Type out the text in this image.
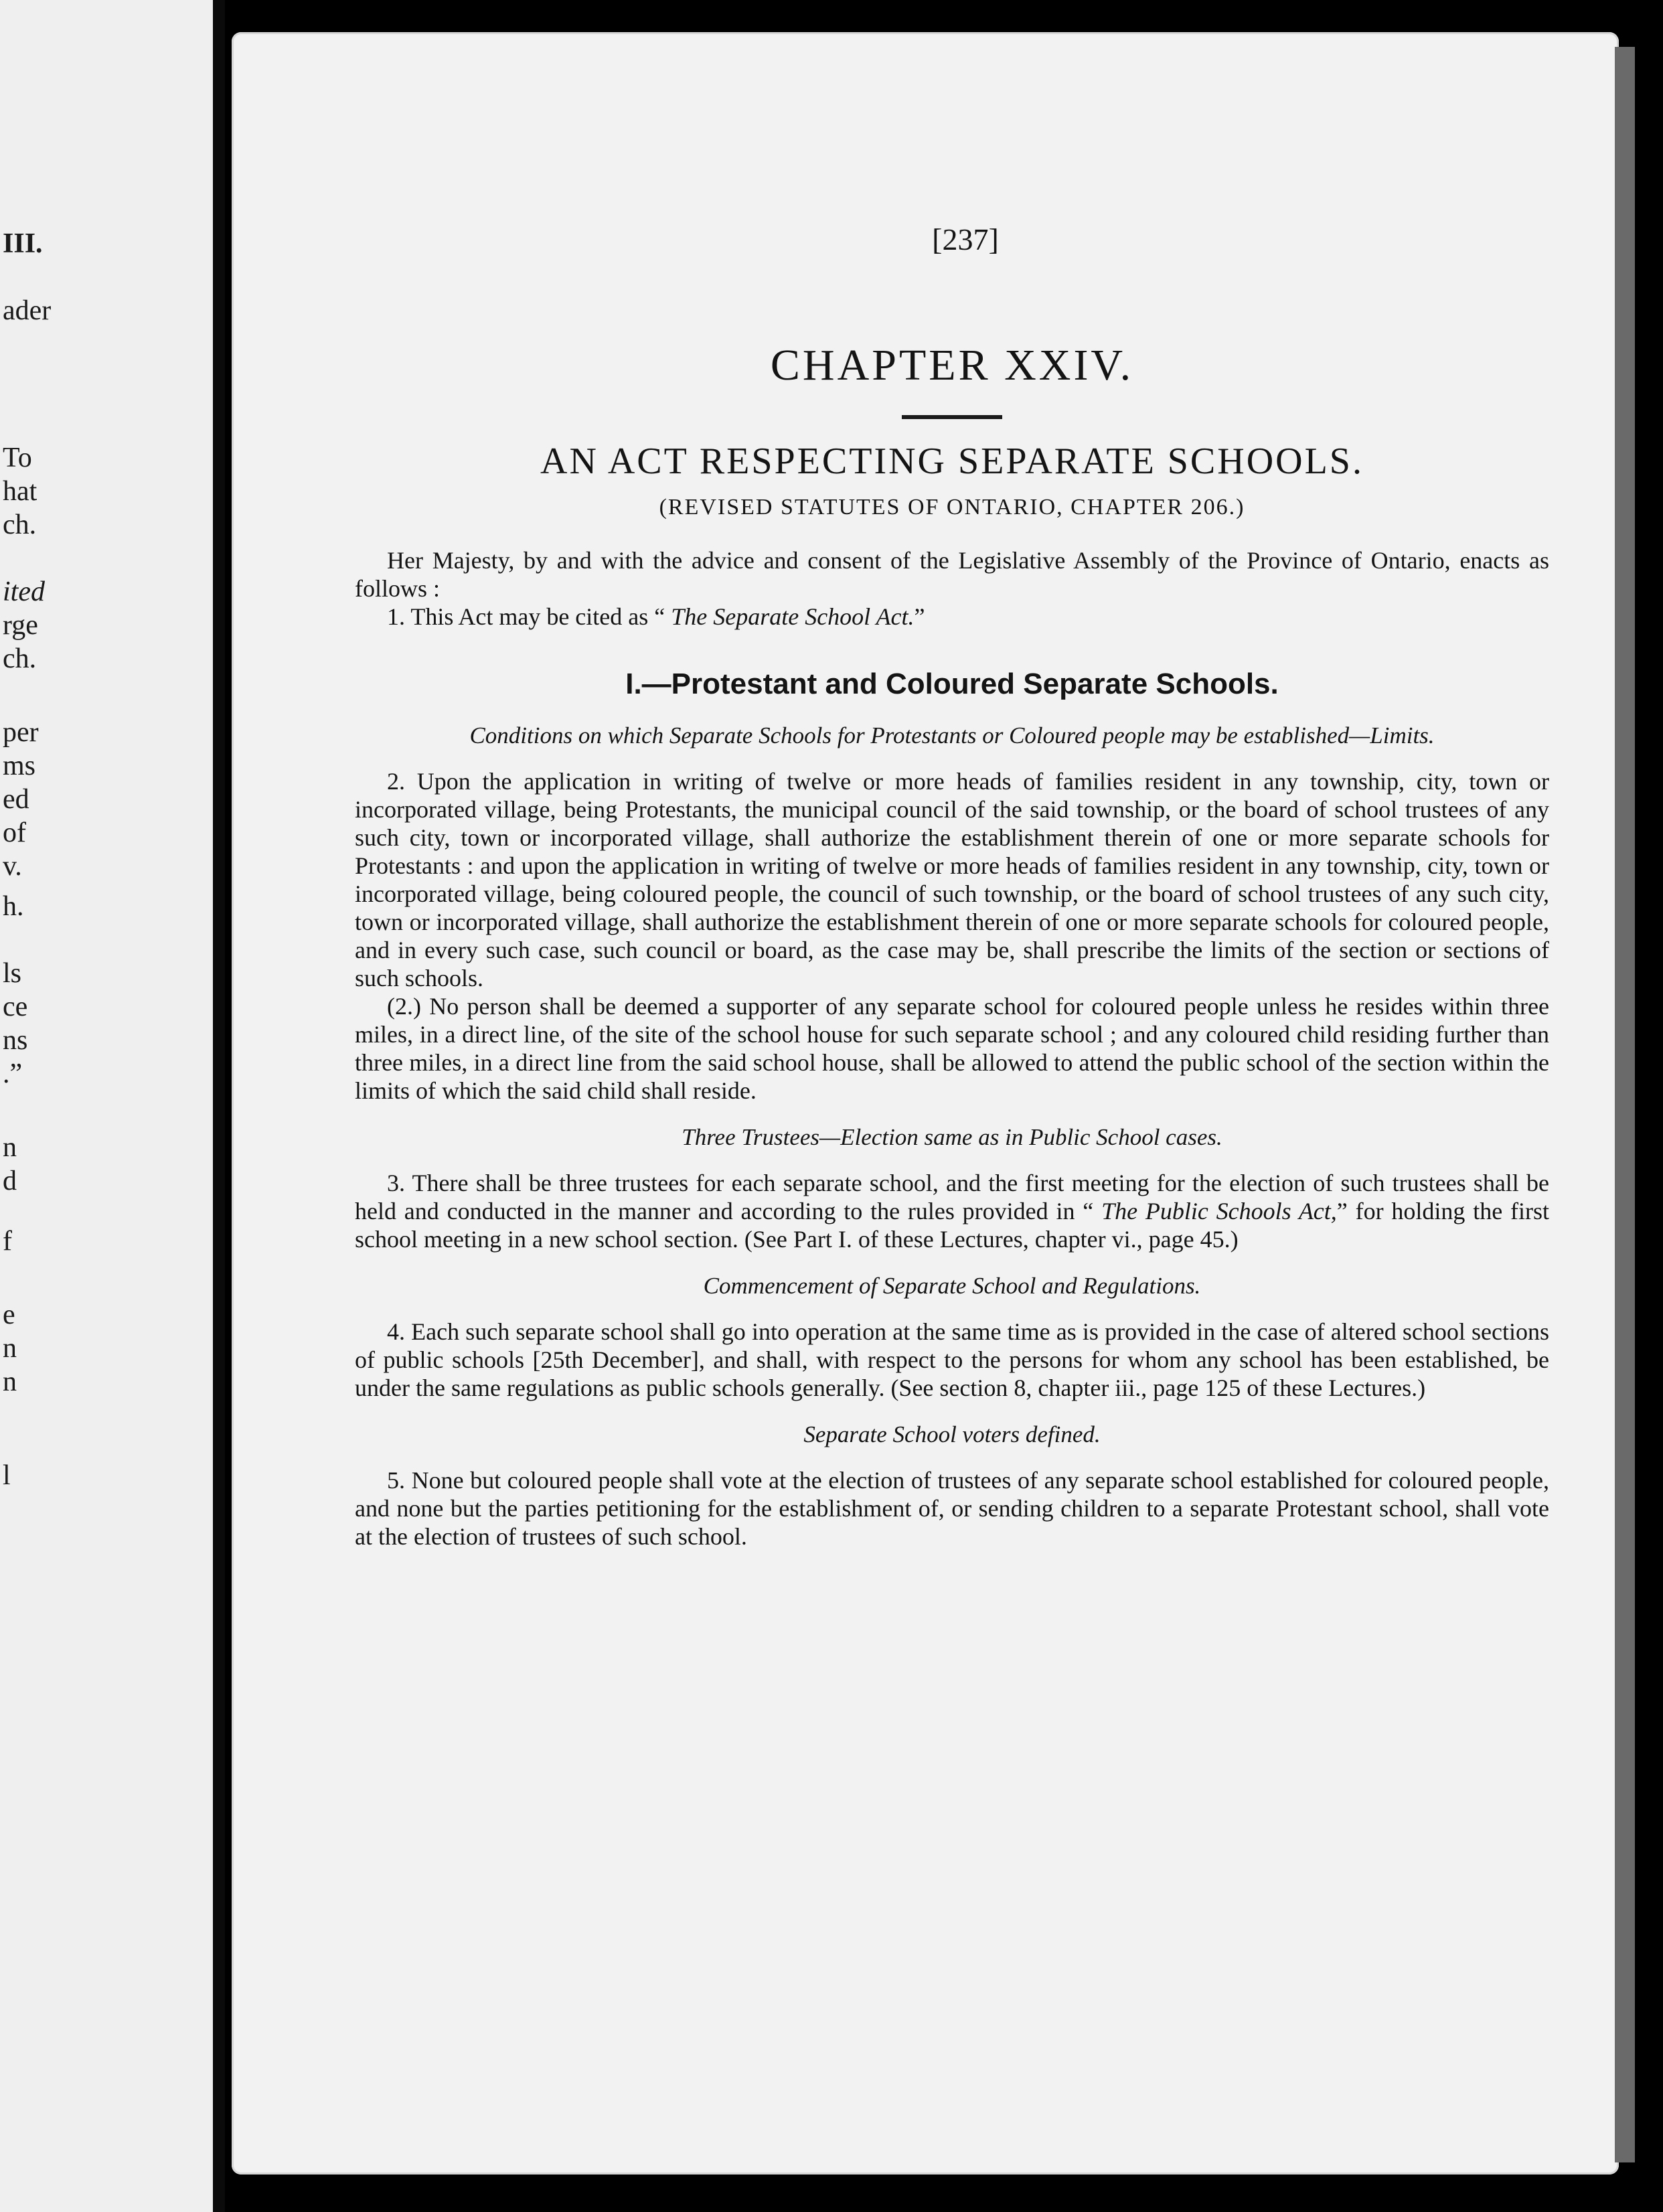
III.
ader
To
hat
ch.
ited
rge
ch.
per
ms
ed
of
v.
h.
ls
ce
ns
.”
n
d
f
e
n
n
l
[237]
CHAPTER XXIV.
AN ACT RESPECTING SEPARATE SCHOOLS.
(REVISED STATUTES OF ONTARIO, CHAPTER 206.)

Her Majesty, by and with the advice and consent of the Legislative Assembly of the Province of Ontario, enacts as follows :

1. This Act may be cited as “ The Separate School Act.”

I.—Protestant and Coloured Separate Schools.
Conditions on which Separate Schools for Protestants or Coloured people may be established—Limits.

2. Upon the application in writing of twelve or more heads of families resident in any township, city, town or incorporated village, being Protestants, the municipal council of the said township, or the board of school trustees of any such city, town or incorporated village, shall authorize the establishment therein of one or more separate schools for Protestants : and upon the application in writing of twelve or more heads of families resident in any township, city, town or incorporated village, being coloured people, the council of such township, or the board of school trustees of any such city, town or incorporated village, shall authorize the establishment therein of one or more separate schools for coloured people, and in every such case, such council or board, as the case may be, shall prescribe the limits of the section or sections of such schools.

(2.) No person shall be deemed a supporter of any separate school for coloured people unless he resides within three miles, in a direct line, of the site of the school house for such separate school ; and any coloured child residing further than three miles, in a direct line from the said school house, shall be allowed to attend the public school of the section within the limits of which the said child shall reside.

Three Trustees—Election same as in Public School cases.

3. There shall be three trustees for each separate school, and the first meeting for the election of such trustees shall be held and conducted in the manner and according to the rules provided in “ The Public Schools Act,” for holding the first school meeting in a new school section. (See Part I. of these Lectures, chapter vi., page 45.)

Commencement of Separate School and Regulations.

4. Each such separate school shall go into operation at the same time as is provided in the case of altered school sections of public schools [25th December], and shall, with respect to the persons for whom any school has been established, be under the same regulations as public schools generally. (See section 8, chapter iii., page 125 of these Lectures.)

Separate School voters defined.

5. None but coloured people shall vote at the election of trustees of any separate school established for coloured people, and none but the parties petitioning for the establishment of, or sending children to a separate Protestant school, shall vote at the election of trustees of such school.
